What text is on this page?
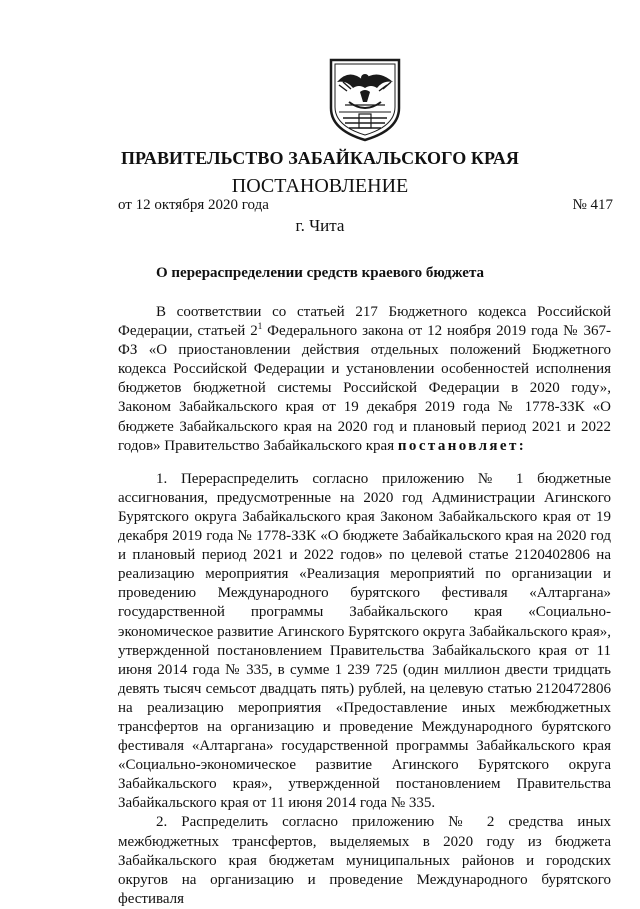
ПРАВИТЕЛЬСТВО ЗАБАЙКАЛЬСКОГО КРАЯ
ПОСТАНОВЛЕНИЕ
от 12 октября 2020 года	№ 417
г. Чита
О перераспределении средств краевого бюджета

В соответствии со статьей 217 Бюджетного кодекса Российской Федерации, статьей $2^1$ Федерального закона от 12 ноября 2019 года № 367-ФЗ «О приостановлении действия отдельных положений Бюджетного кодекса Российской Федерации и установлении особенностей исполнения бюджетов бюджетной системы Российской Федерации в 2020 году», Законом Забайкальского края от 19 декабря 2019 года № 1778-ЗЗК «О бюджете Забайкальского края на 2020 год и плановый период 2021 и 2022 годов» Правительство Забайкальского края постановляет:

1. Перераспределить согласно приложению № 1 бюджетные ассигнования, предусмотренные на 2020 год Администрации Агинского Бурятского округа Забайкальского края Законом Забайкальского края от 19 декабря 2019 года № 1778-ЗЗК «О бюджете Забайкальского края на 2020 год и плановый период 2021 и 2022 годов» по целевой статье 2120402806 на реализацию мероприятия «Реализация мероприятий по организации и проведению Международного бурятского фестиваля «Алтаргана» государственной программы Забайкальского края «Социально-экономическое развитие Агинского Бурятского округа Забайкальского края», утвержденной постановлением Правительства Забайкальского края от 11 июня 2014 года № 335, в сумме 1 239 725 (один миллион двести тридцать девять тысяч семьсот двадцать пять) рублей, на целевую статью 2120472806 на реализацию мероприятия «Предоставление иных межбюджетных трансфертов на организацию и проведение Международного бурятского фестиваля «Алтаргана» государственной программы Забайкальского края «Социально-экономическое развитие Агинского Бурятского округа Забайкальского края», утвержденной постановлением Правительства Забайкальского края от 11 июня 2014 года № 335.

2. Распределить согласно приложению № 2 средства иных межбюджетных трансфертов, выделяемых в 2020 году из бюджета Забайкальского края бюджетам муниципальных районов и городских округов на организацию и проведение Международного бурятского фестиваля
